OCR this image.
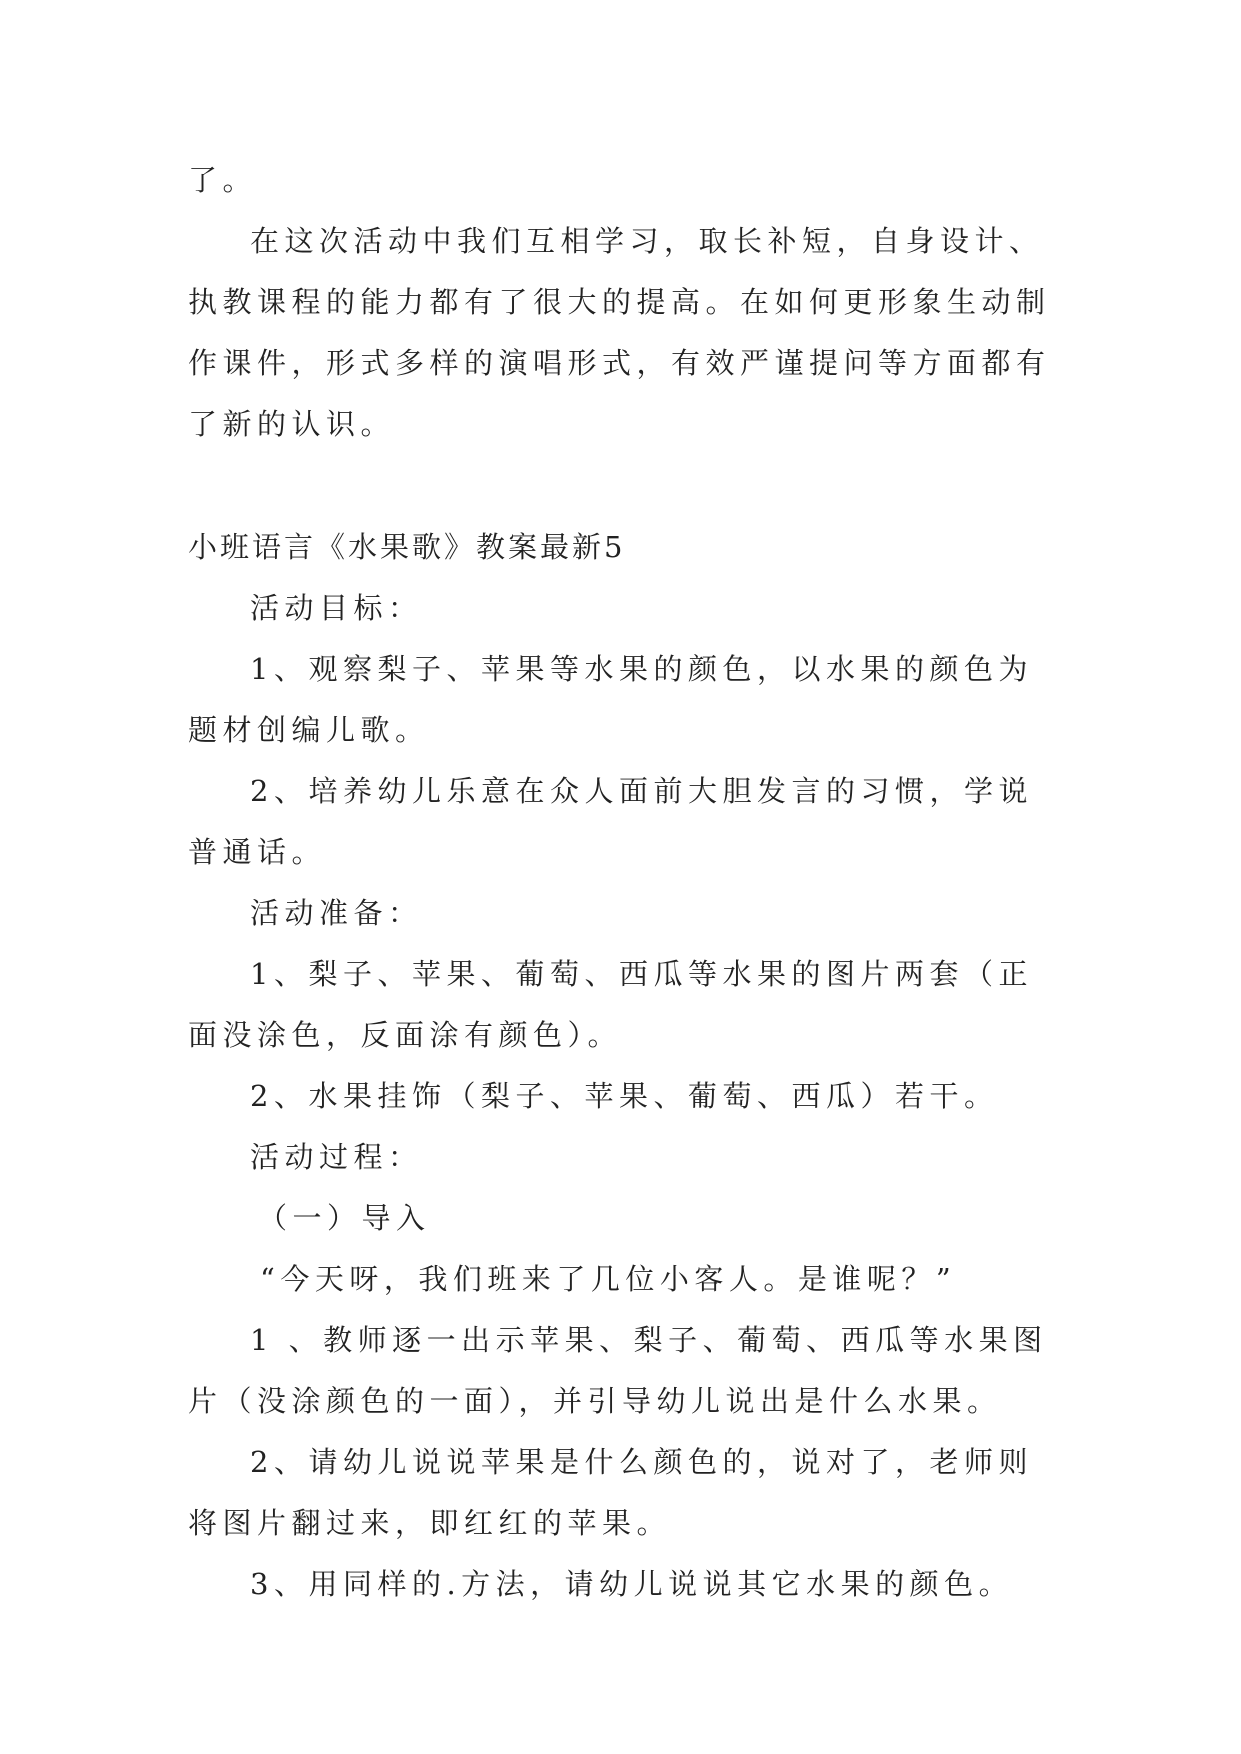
了。

在这次活动中我们互相学习，取长补短，自身设计、执教课程的能力都有了很大的提高。在如何更形象生动制作课件，形式多样的演唱形式，有效严谨提问等方面都有了新的认识。

小班语言《水果歌》教案最新5

活动目标：

1、观察梨子、苹果等水果的颜色，以水果的颜色为题材创编儿歌。

2、培养幼儿乐意在众人面前大胆发言的习惯，学说普通话。

活动准备：

1、梨子、苹果、葡萄、西瓜等水果的图片两套（正面没涂色，反面涂有颜色）。

2、水果挂饰（梨子、苹果、葡萄、西瓜）若干。

活动过程：

（一）导入

“今天呀，我们班来了几位小客人。是谁呢？”

1 、教师逐一出示苹果、梨子、葡萄、西瓜等水果图片（没涂颜色的一面），并引导幼儿说出是什么水果。

2、请幼儿说说苹果是什么颜色的，说对了，老师则将图片翻过来，即红红的苹果。

3、用同样的.方法，请幼儿说说其它水果的颜色。
